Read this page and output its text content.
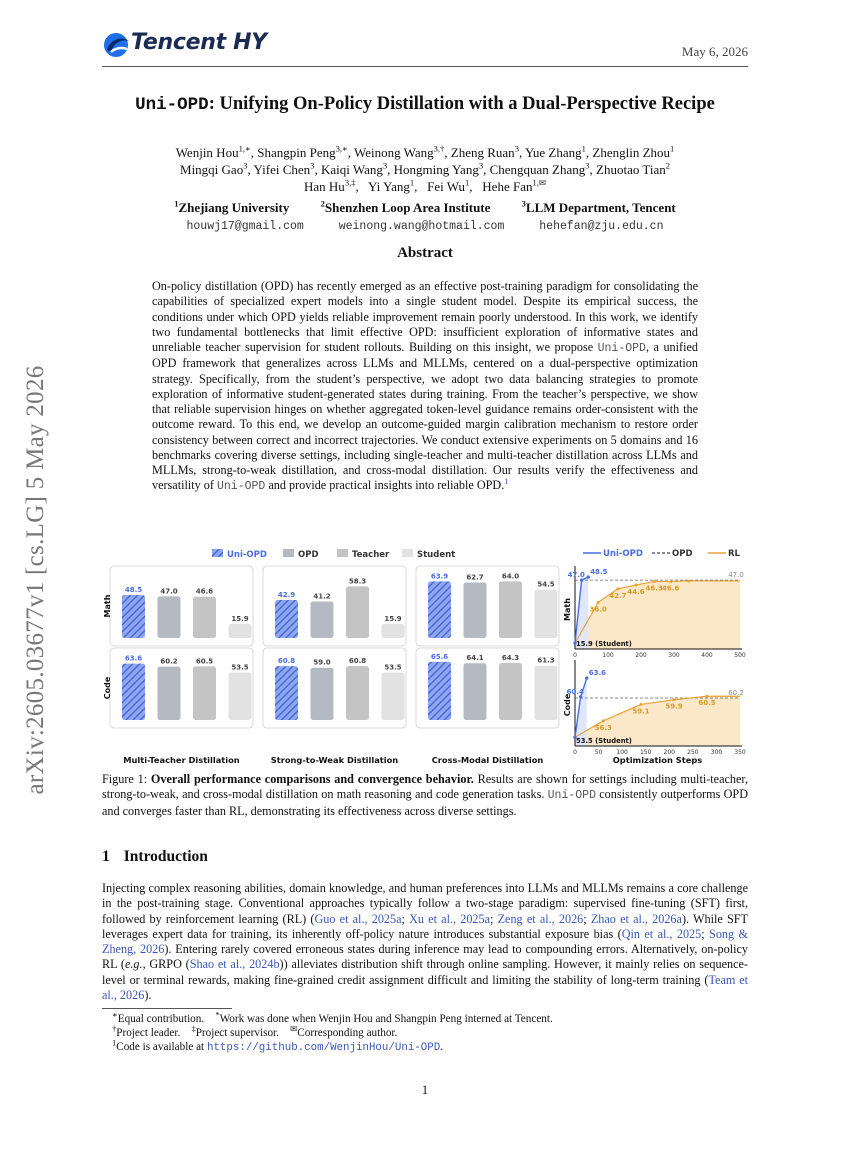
Tencent HY	May 6, 2026
Uni-OPD: Unifying On-Policy Distillation with a Dual-Perspective Recipe
Wenjin Hou$^{1,∗}$, Shangpin Peng$^{3,∗}$, Weinong Wang$^{3,\dagger}$, Zheng Ruan$^3$, Yue Zhang$^1$, Zhenglin Zhou$^1$
Mingqi Gao$^3$, Yifei Chen$^3$, Kaiqi Wang$^3$, Hongming Yang$^3$, Chengquan Zhang$^3$, Zhuotao Tian$^2$
Han $Hu^{3,\ddagger}$,   Yi Yang$^1$,   Fei Wu$^1$,   Hehe Fan$^{1,✉}$
$^1$Zhejiang University	$^2$Shenzhen Loop Area Institute	$^3$LLM Department, Tencent
houwj17@gmail.com	weinong.wang@hotmail.com	hehefan@zju.edu.cn
Abstract
On-policy distillation (OPD) has recently emerged as an effective post-training paradigm for consolidating the capabilities of specialized expert models into a single student model. Despite its empirical success, the conditions under which OPD yields reliable improvement remain poorly understood. In this work, we identify two fundamental bottlenecks that limit effective OPD: insufficient exploration of informative states and unreliable teacher supervision for student rollouts. Building on this insight, we propose Uni-OPD, a unified OPD framework that generalizes across LLMs and MLLMs, centered on a dual-perspective optimization strategy. Specifically, from the student’s perspective, we adopt two data balancing strategies to promote exploration of informative student-generated states during training. From the teacher’s perspective, we show that reliable supervision hinges on whether aggregated token-level guidance remains order-consistent with the outcome reward. To this end, we develop an outcome-guided margin calibration mechanism to restore order consistency between correct and incorrect trajectories. We conduct extensive experiments on 5 domains and 16 benchmarks covering diverse settings, including single-teacher and multi-teacher distillation across LLMs and MLLMs, strong-to-weak distillation, and cross-modal distillation. Our results verify the effectiveness and versatility of Uni-OPD and provide practical insights into reliable OPD.$^1$
arXiv:2605.03677v1 [cs.LG] 5 May 2026	Uni-OPD	OPD	Teacher	Student
48.5	47.0	46.6
15.9
63.6	60.2	60.5
53.5
Multi-Teacher Distillation
42.9	41.2
58.3
15.9
60.8	59.0	60.8
53.5
Strong-to-Weak Distillation
63.9	62.7	64.0
54.5
65.6	64.1	64.3	61.3
Cross-Modal Distillation
Math
Code
Uni-OPD	OPD	RL
47.0 48.5
36.0
42.7 44.6 46.3 46.6
47.0
15.9 (Student)
0	100	200	300	400	500
Math
60.4
63.6
56.3
59.1
59.9 60.5
60.2
53.5 (Student)
0	50 100 150 200 250 300 350
Code
Optimization Steps
Figure 1: Overall performance comparisons and convergence behavior. Results are shown for settings including multi-teacher, strong-to-weak, and cross-modal distillation on math reasoning and code generation tasks. Uni-OPD consistently outperforms OPD and converges faster than RL, demonstrating its effectiveness across diverse settings.
1 Introduction
Injecting complex reasoning abilities, domain knowledge, and human preferences into LLMs and MLLMs remains a core challenge in the post-training stage. Conventional approaches typically follow a two-stage paradigm: supervised fine-tuning (SFT) first, followed by reinforcement learning (RL) (Guo et al., 2025a; Xu et al., 2025a; Zeng et al., 2026; Zhao et al., 2026a). While SFT leverages expert data for training, its inherently off-policy nature introduces substantial exposure bias (Qin et al., 2025; Song & Zheng, 2026). Entering rarely covered erroneous states during inference may lead to compounding errors. Alternatively, on-policy RL (e.g., GRPO (Shao et al., 2024b)) alleviates distribution shift through online sampling. However, it mainly relies on sequence-level or terminal rewards, making fine-grained credit assignment difficult and limiting the stability of long-term training (Team et al., 2026).
∗Equal contribution. *Work was done when Wenjin Hou and Shangpin Peng interned at Tencent.
†Project leader. ‡Project supervisor. ✉Corresponding author.
$^1$Code is available at https://github.com/WenjinHou/Uni-OPD.
1
